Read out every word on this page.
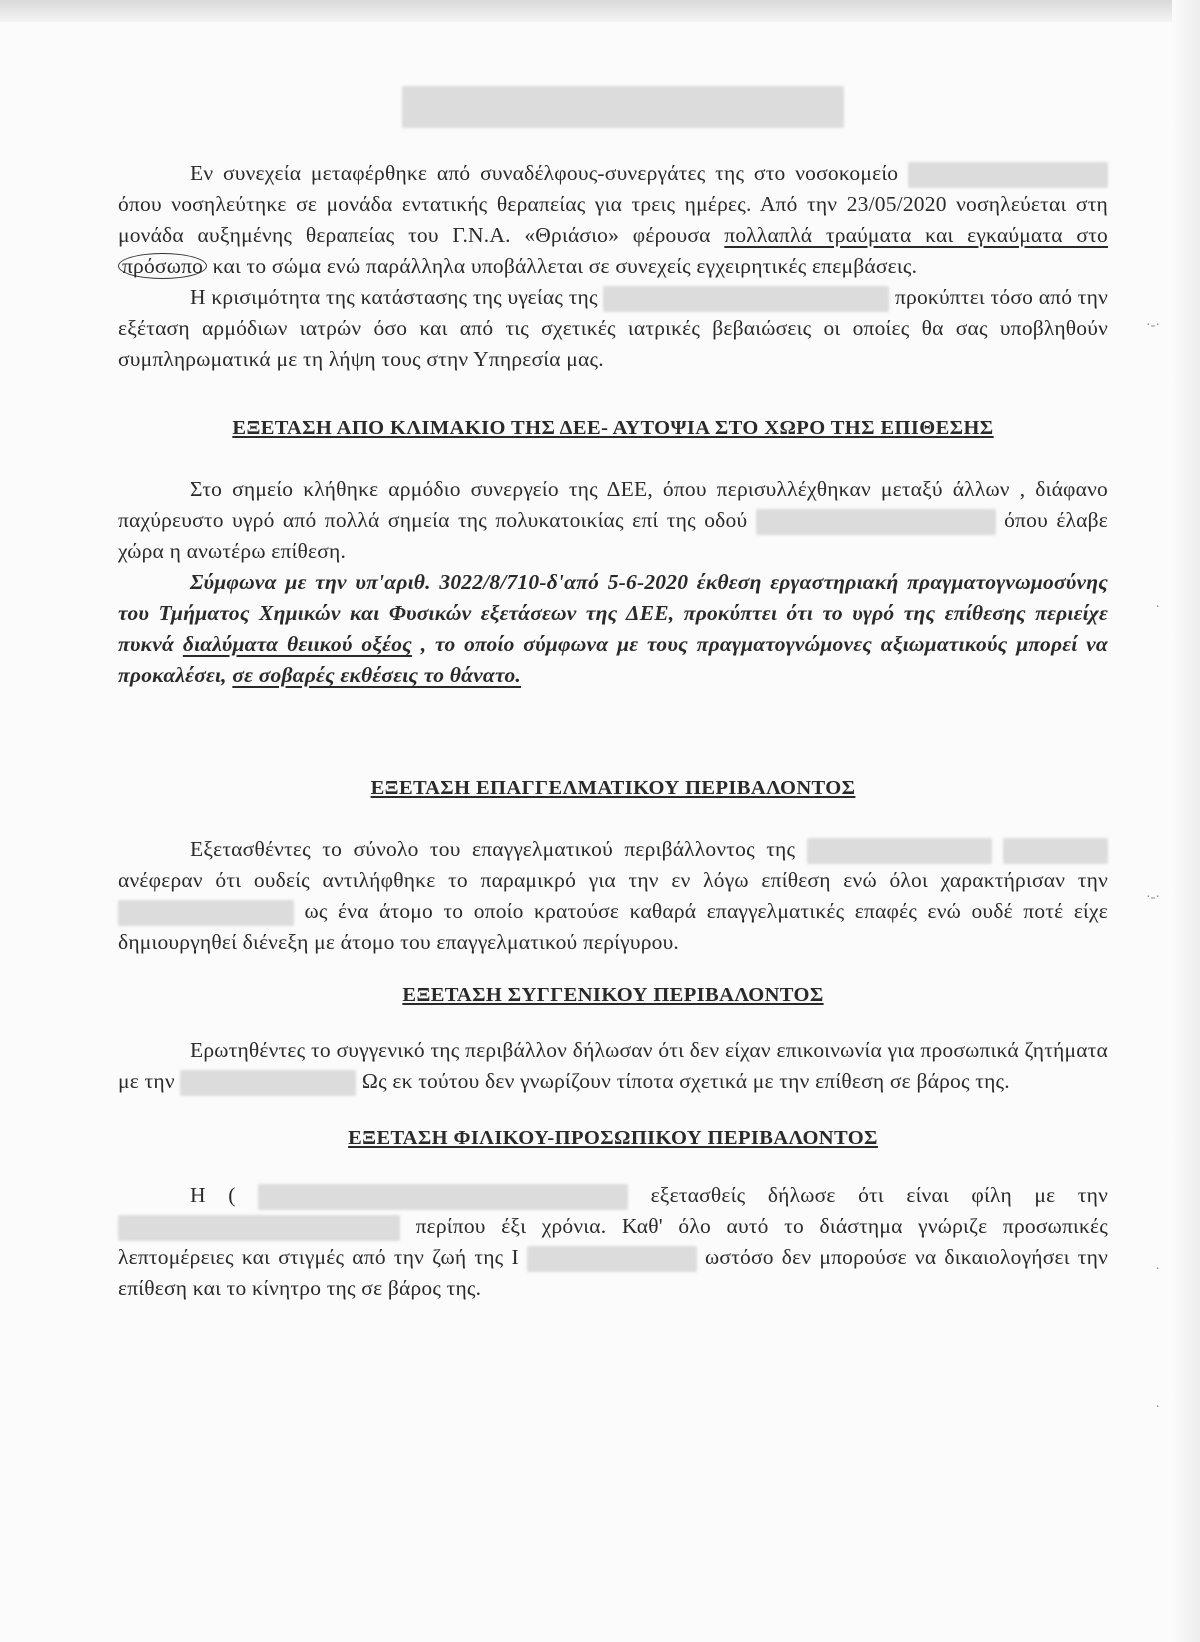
·-·
·
·-·
·
·

Εν συνεχεία μεταφέρθηκε από συναδέλφους-συνεργάτες της στο νοσοκομείο  όπου νοσηλεύτηκε σε μονάδα εντατικής θεραπείας για τρεις ημέρες. Από την 23/05/2020 νοσηλεύεται στη μονάδα αυξημένης θεραπείας του Γ.Ν.Α. «Θριάσιο» φέρουσα πολλαπλά τραύματα και εγκαύματα στο πρόσωπο και το σώμα ενώ παράλληλα υποβάλλεται σε συνεχείς εγχειρητικές επεμβάσεις.

Η κρισιμότητα της κατάστασης της υγείας της	προκύπτει τόσο από την εξέταση αρμόδιων ιατρών όσο και από τις σχετικές ιατρικές βεβαιώσεις οι οποίες θα σας υποβληθούν συμπληρωματικά με τη λήψη τους στην Υπηρεσία μας.

ΕΞΕΤΑΣΗ ΑΠΟ ΚΛΙΜΑΚΙΟ ΤΗΣ ΔΕΕ- ΑΥΤΟΨΙΑ ΣΤΟ ΧΩΡΟ ΤΗΣ ΕΠΙΘΕΣΗΣ

Στο σημείο κλήθηκε αρμόδιο συνεργείο της ΔΕΕ, όπου περισυλλέχθηκαν μεταξύ άλλων , διάφανο παχύρευστο υγρό από πολλά σημεία της πολυκατοικίας επί της οδού	όπου έλαβε χώρα η ανωτέρω επίθεση.

Σύμφωνα με την υπ'αριθ. 3022/8/710-δ'από 5-6-2020 έκθεση εργαστηριακή πραγματογνωμοσύνης του Τμήματος Χημικών και Φυσικών εξετάσεων της ΔΕΕ, προκύπτει ότι το υγρό της επίθεσης περιείχε πυκνά διαλύματα θειικού οξέος , το οποίο σύμφωνα με τους πραγματογνώμονες αξιωματικούς μπορεί να προκαλέσει, σε σοβαρές εκθέσεις το θάνατο.

ΕΞΕΤΑΣΗ ΕΠΑΓΓΕΛΜΑΤΙΚΟΥ ΠΕΡΙΒΑΛΟΝΤΟΣ

Εξετασθέντες το σύνολο του επαγγελματικού περιβάλλοντος της   ανέφεραν ότι ουδείς αντιλήφθηκε το παραμικρό για την εν λόγω επίθεση ενώ όλοι χαρακτήρισαν την  ως ένα άτομο το οποίο κρατούσε καθαρά επαγγελματικές επαφές ενώ ουδέ ποτέ είχε δημιουργηθεί διένεξη με άτομο του επαγγελματικού περίγυρου.

ΕΞΕΤΑΣΗ ΣΥΓΓΕΝΙΚΟΥ ΠΕΡΙΒΑΛΟΝΤΟΣ

Ερωτηθέντες το συγγενικό της περιβάλλον δήλωσαν ότι δεν είχαν επικοινωνία για προσωπικά ζητήματα με την	Ως εκ τούτου δεν γνωρίζουν τίποτα σχετικά με την επίθεση σε βάρος της.

ΕΞΕΤΑΣΗ ΦΙΛΙΚΟΥ-ΠΡΟΣΩΠΙΚΟΥ ΠΕΡΙΒΑΛΟΝΤΟΣ

Η (	εξετασθείς δήλωσε ότι είναι φίλη με την  περίπου έξι χρόνια. Καθ' όλο αυτό το διάστημα γνώριζε προσωπικές λεπτομέρειες και στιγμές από την ζωή της Ι	ωστόσο δεν μπορούσε να δικαιολογήσει την επίθεση και το κίνητρο της σε βάρος της.
